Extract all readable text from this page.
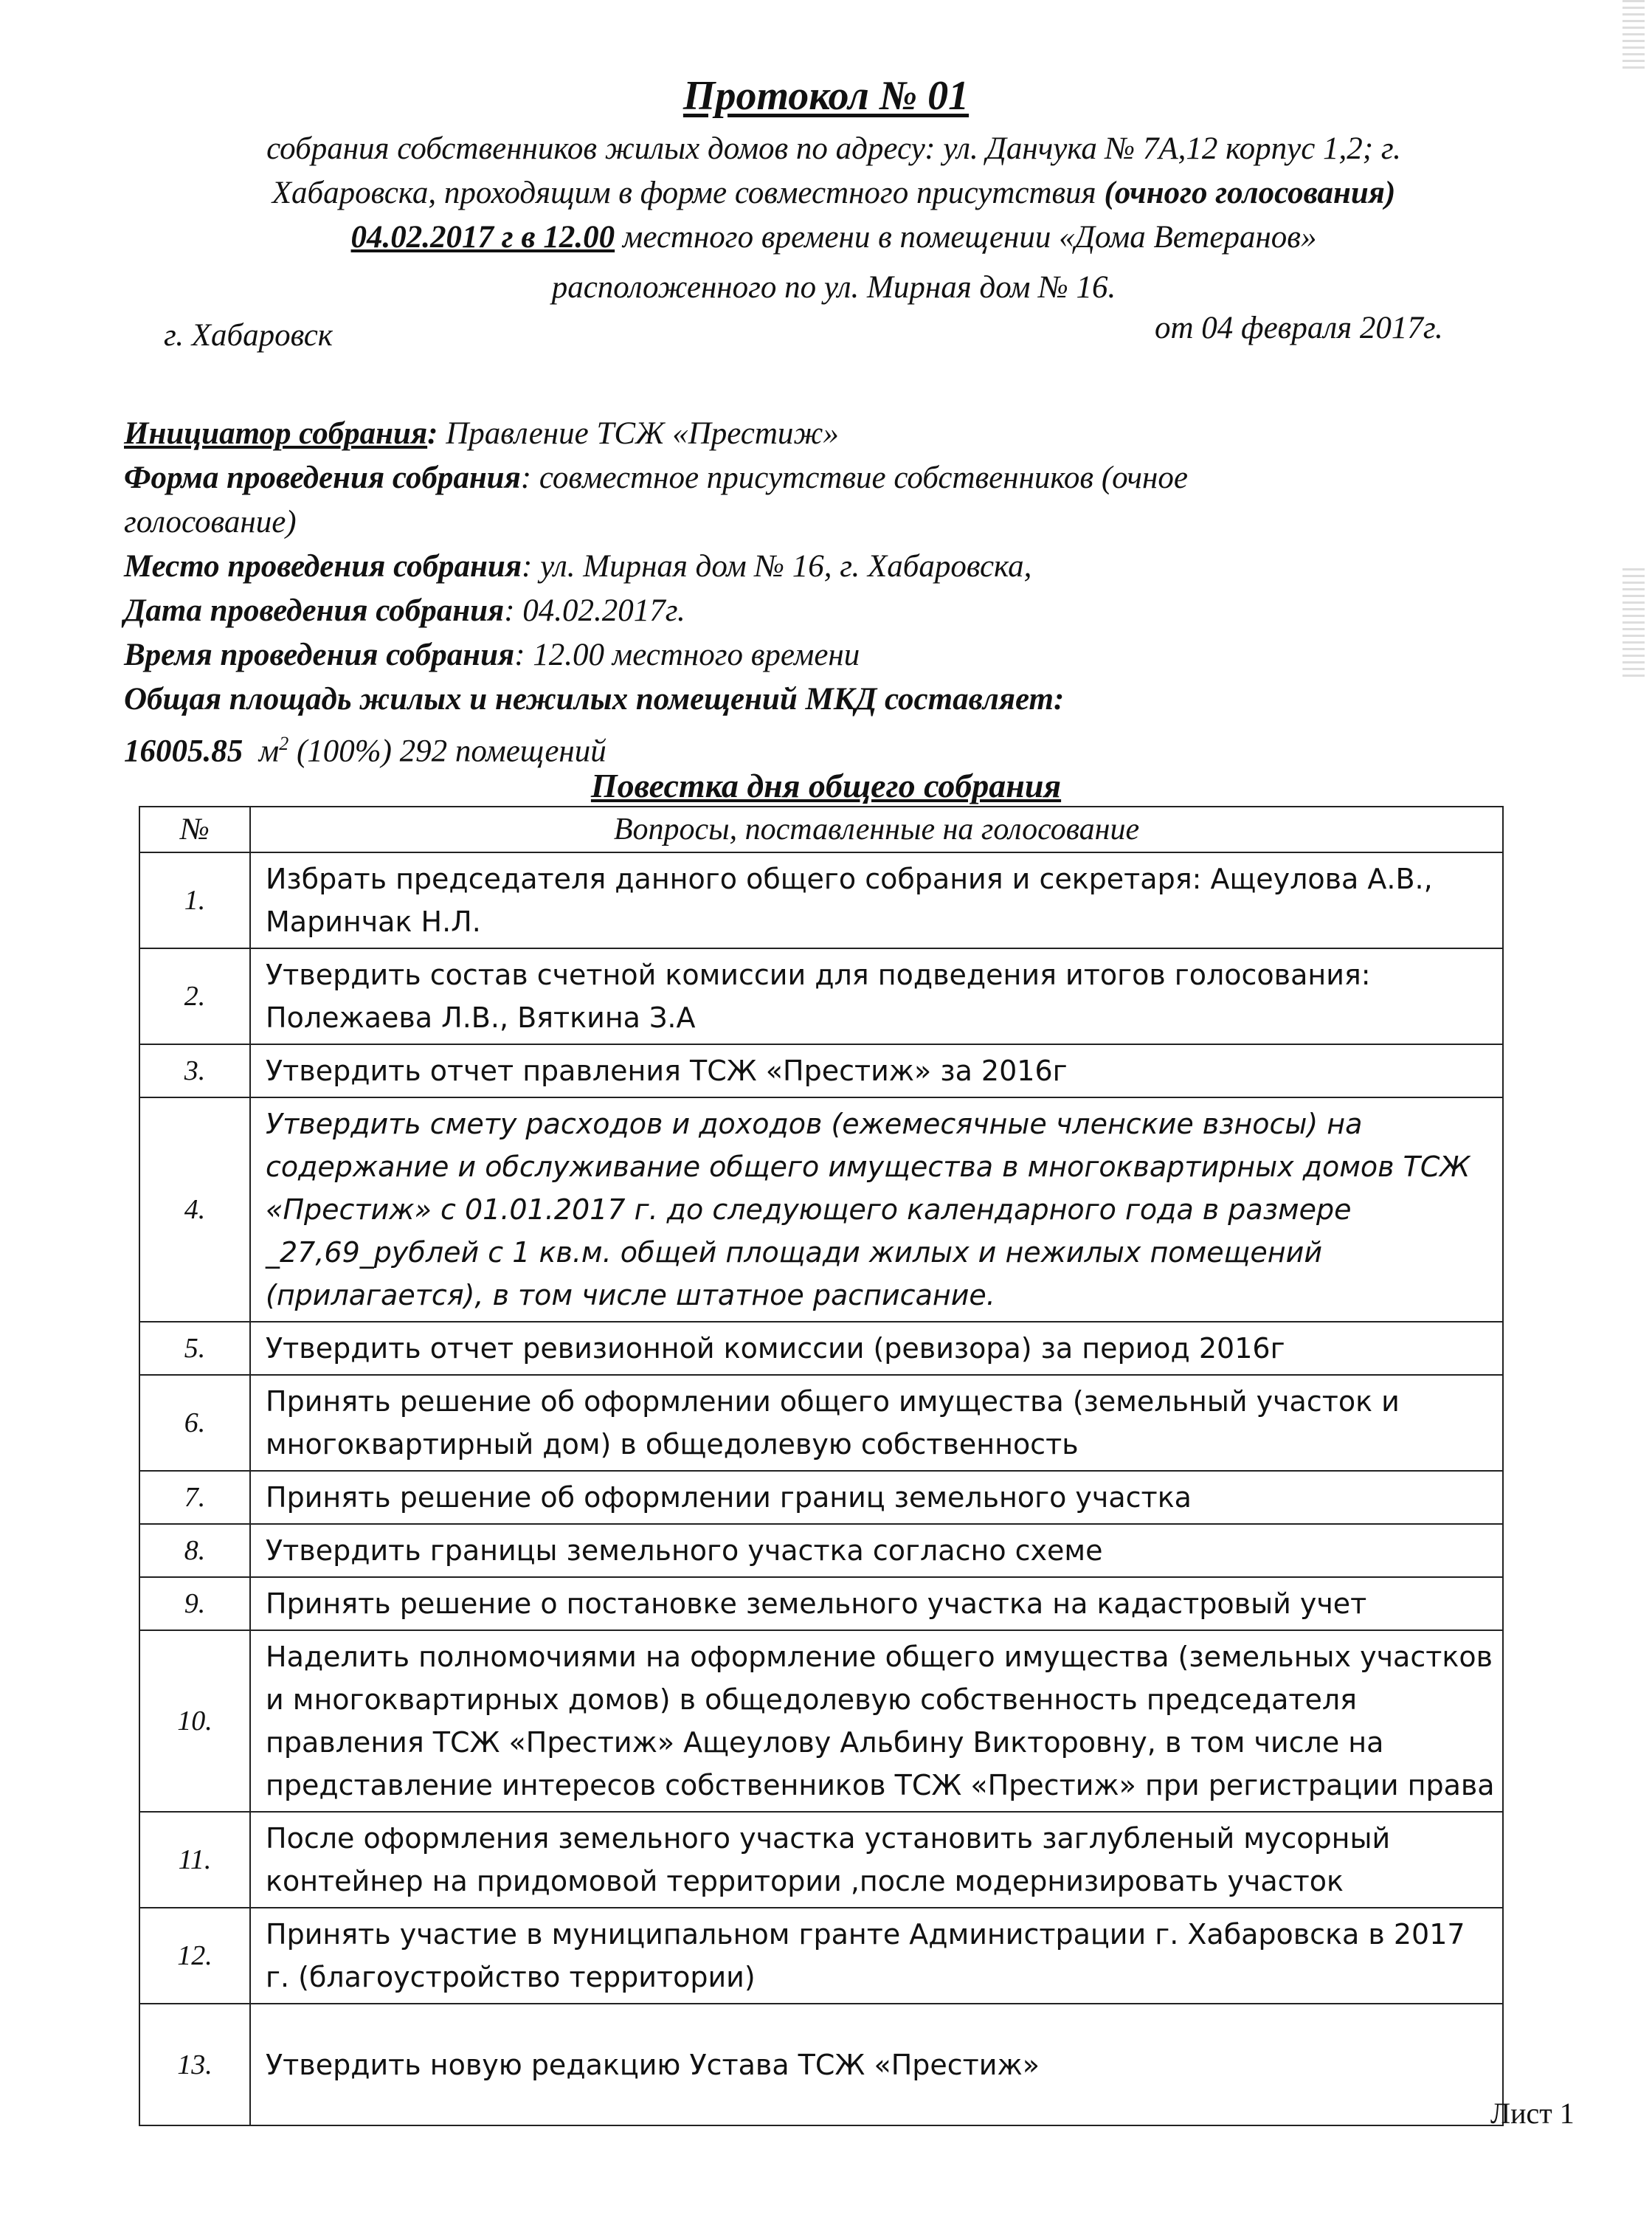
Протокол № 01
собрания собственников жилых домов по адресу: ул. Данчука № 7А,12 корпус 1,2; г.
Хабаровска, проходящим в форме совместного присутствия (очного голосования)
04.02.2017 г в 12.00 местного времени в помещении «Дома Ветеранов»
расположенного по ул. Мирная дом № 16.
г. Хабаровск	от 04 февраля 2017г.
Инициатор собрания: Правление ТСЖ «Престиж»
Форма проведения собрания: совместное присутствие собственников (очное
голосование)
Место проведения собрания: ул. Мирная дом № 16, г. Хабаровска,
Дата проведения собрания: 04.02.2017г.
Время проведения собрания: 12.00 местного времени
Общая площадь жилых и нежилых помещений МКД составляет:
16005.85 $м^2$ (100%) 292 помещений
Повестка дня общего собрания
№	Вопросы, поставленные на голосование
1.	Избрать председателя данного общего собрания и секретаря: Ащеулова А.В., Маринчак Н.Л.
2.	Утвердить состав счетной комиссии для подведения итогов голосования: Полежаева Л.В., Вяткина З.А
3.	Утвердить отчет правления ТСЖ «Престиж» за 2016г
4.	Утвердить смету расходов и доходов (ежемесячные членские взносы) на содержание и обслуживание общего имущества в многоквартирных домов ТСЖ «Престиж» с 01.01.2017 г. до следующего календарного года в размере _27,69_рублей с 1 кв.м. общей площади жилых и нежилых помещений (прилагается), в том числе штатное расписание.
5.	Утвердить отчет ревизионной комиссии (ревизора) за период 2016г
6.	Принять решение об оформлении общего имущества (земельный участок и многоквартирный дом) в общедолевую собственность
7.	Принять решение об оформлении границ земельного участка
8.	Утвердить границы земельного участка согласно схеме
9.	Принять решение о постановке земельного участка на кадастровый учет
10.	Наделить полномочиями на оформление общего имущества (земельных участков и многоквартирных домов) в общедолевую собственность председателя правления ТСЖ «Престиж» Ащеулову Альбину Викторовну, в том числе на представление интересов собственников ТСЖ «Престиж» при регистрации права
11.	После оформления земельного участка установить заглубленый мусорный контейнер на придомовой территории ,после модернизировать участок
12.	Принять участие в муниципальном гранте Администрации г. Хабаровска в 2017 г. (благоустройство территории)
13.	Утвердить новую редакцию Устава ТСЖ «Престиж»
Лист 1
